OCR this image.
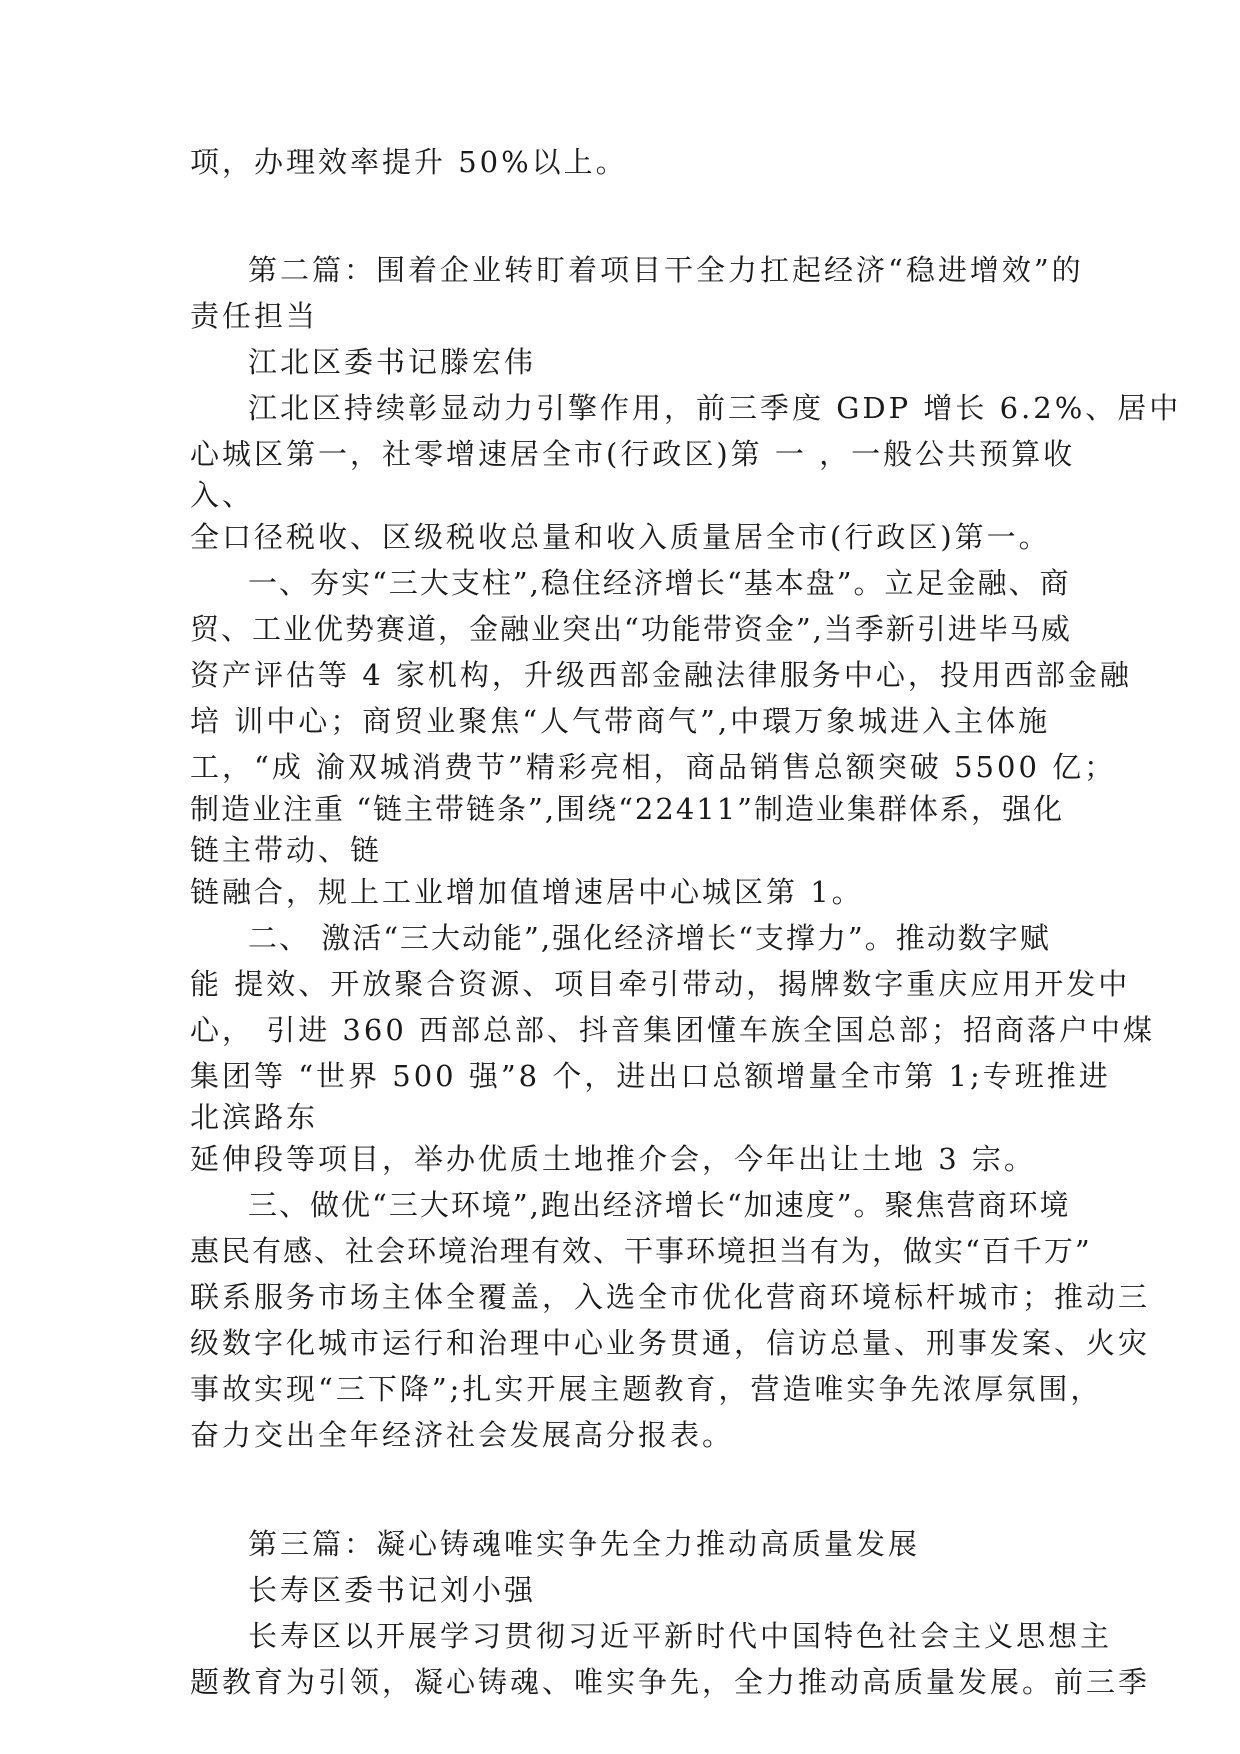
项，办理效率提升 50%以上。

第二篇：围着企业转盯着项目干全力扛起经济“稳进增效”的

责任担当

江北区委书记滕宏伟

江北区持续彰显动力引擎作用，前三季度 GDP 增长 6.2%、居中

心城区第一，社零增速居全市(行政区)第 一 ，一般公共预算收

入、

全口径税收、区级税收总量和收入质量居全市(行政区)第一。

一、夯实“三大支柱”,稳住经济增长“基本盘”。立足金融、商

贸、工业优势赛道，金融业突出“功能带资金”,当季新引进毕马威

资产评估等 4 家机构，升级西部金融法律服务中心，投用西部金融

培 训中心；商贸业聚焦“人气带商气”,中環万象城进入主体施

工，“成 渝双城消费节”精彩亮相，商品销售总额突破 5500 亿；

制造业注重 “链主带链条”,围绕“22411”制造业集群体系，强化

链主带动、链

链融合，规上工业增加值增速居中心城区第 1。

二、 激活“三大动能”,强化经济增长“支撑力”。推动数字赋

能 提效、开放聚合资源、项目牵引带动，揭牌数字重庆应用开发中

心， 引进 360 西部总部、抖音集团懂车族全国总部；招商落户中煤

集团等 “世界 500 强”8 个，进出口总额增量全市第 1;专班推进

北滨路东

延伸段等项目，举办优质土地推介会，今年出让土地 3 宗。

三、做优“三大环境”,跑出经济增长“加速度”。聚焦营商环境

惠民有感、社会环境治理有效、干事环境担当有为，做实“百千万”

联系服务市场主体全覆盖，入选全市优化营商环境标杆城市；推动三

级数字化城市运行和治理中心业务贯通，信访总量、刑事发案、火灾

事故实现“三下降”;扎实开展主题教育，营造唯实争先浓厚氛围，

奋力交出全年经济社会发展高分报表。

第三篇：凝心铸魂唯实争先全力推动高质量发展

长寿区委书记刘小强

长寿区以开展学习贯彻习近平新时代中国特色社会主义思想主

题教育为引领，凝心铸魂、唯实争先，全力推动高质量发展。前三季
